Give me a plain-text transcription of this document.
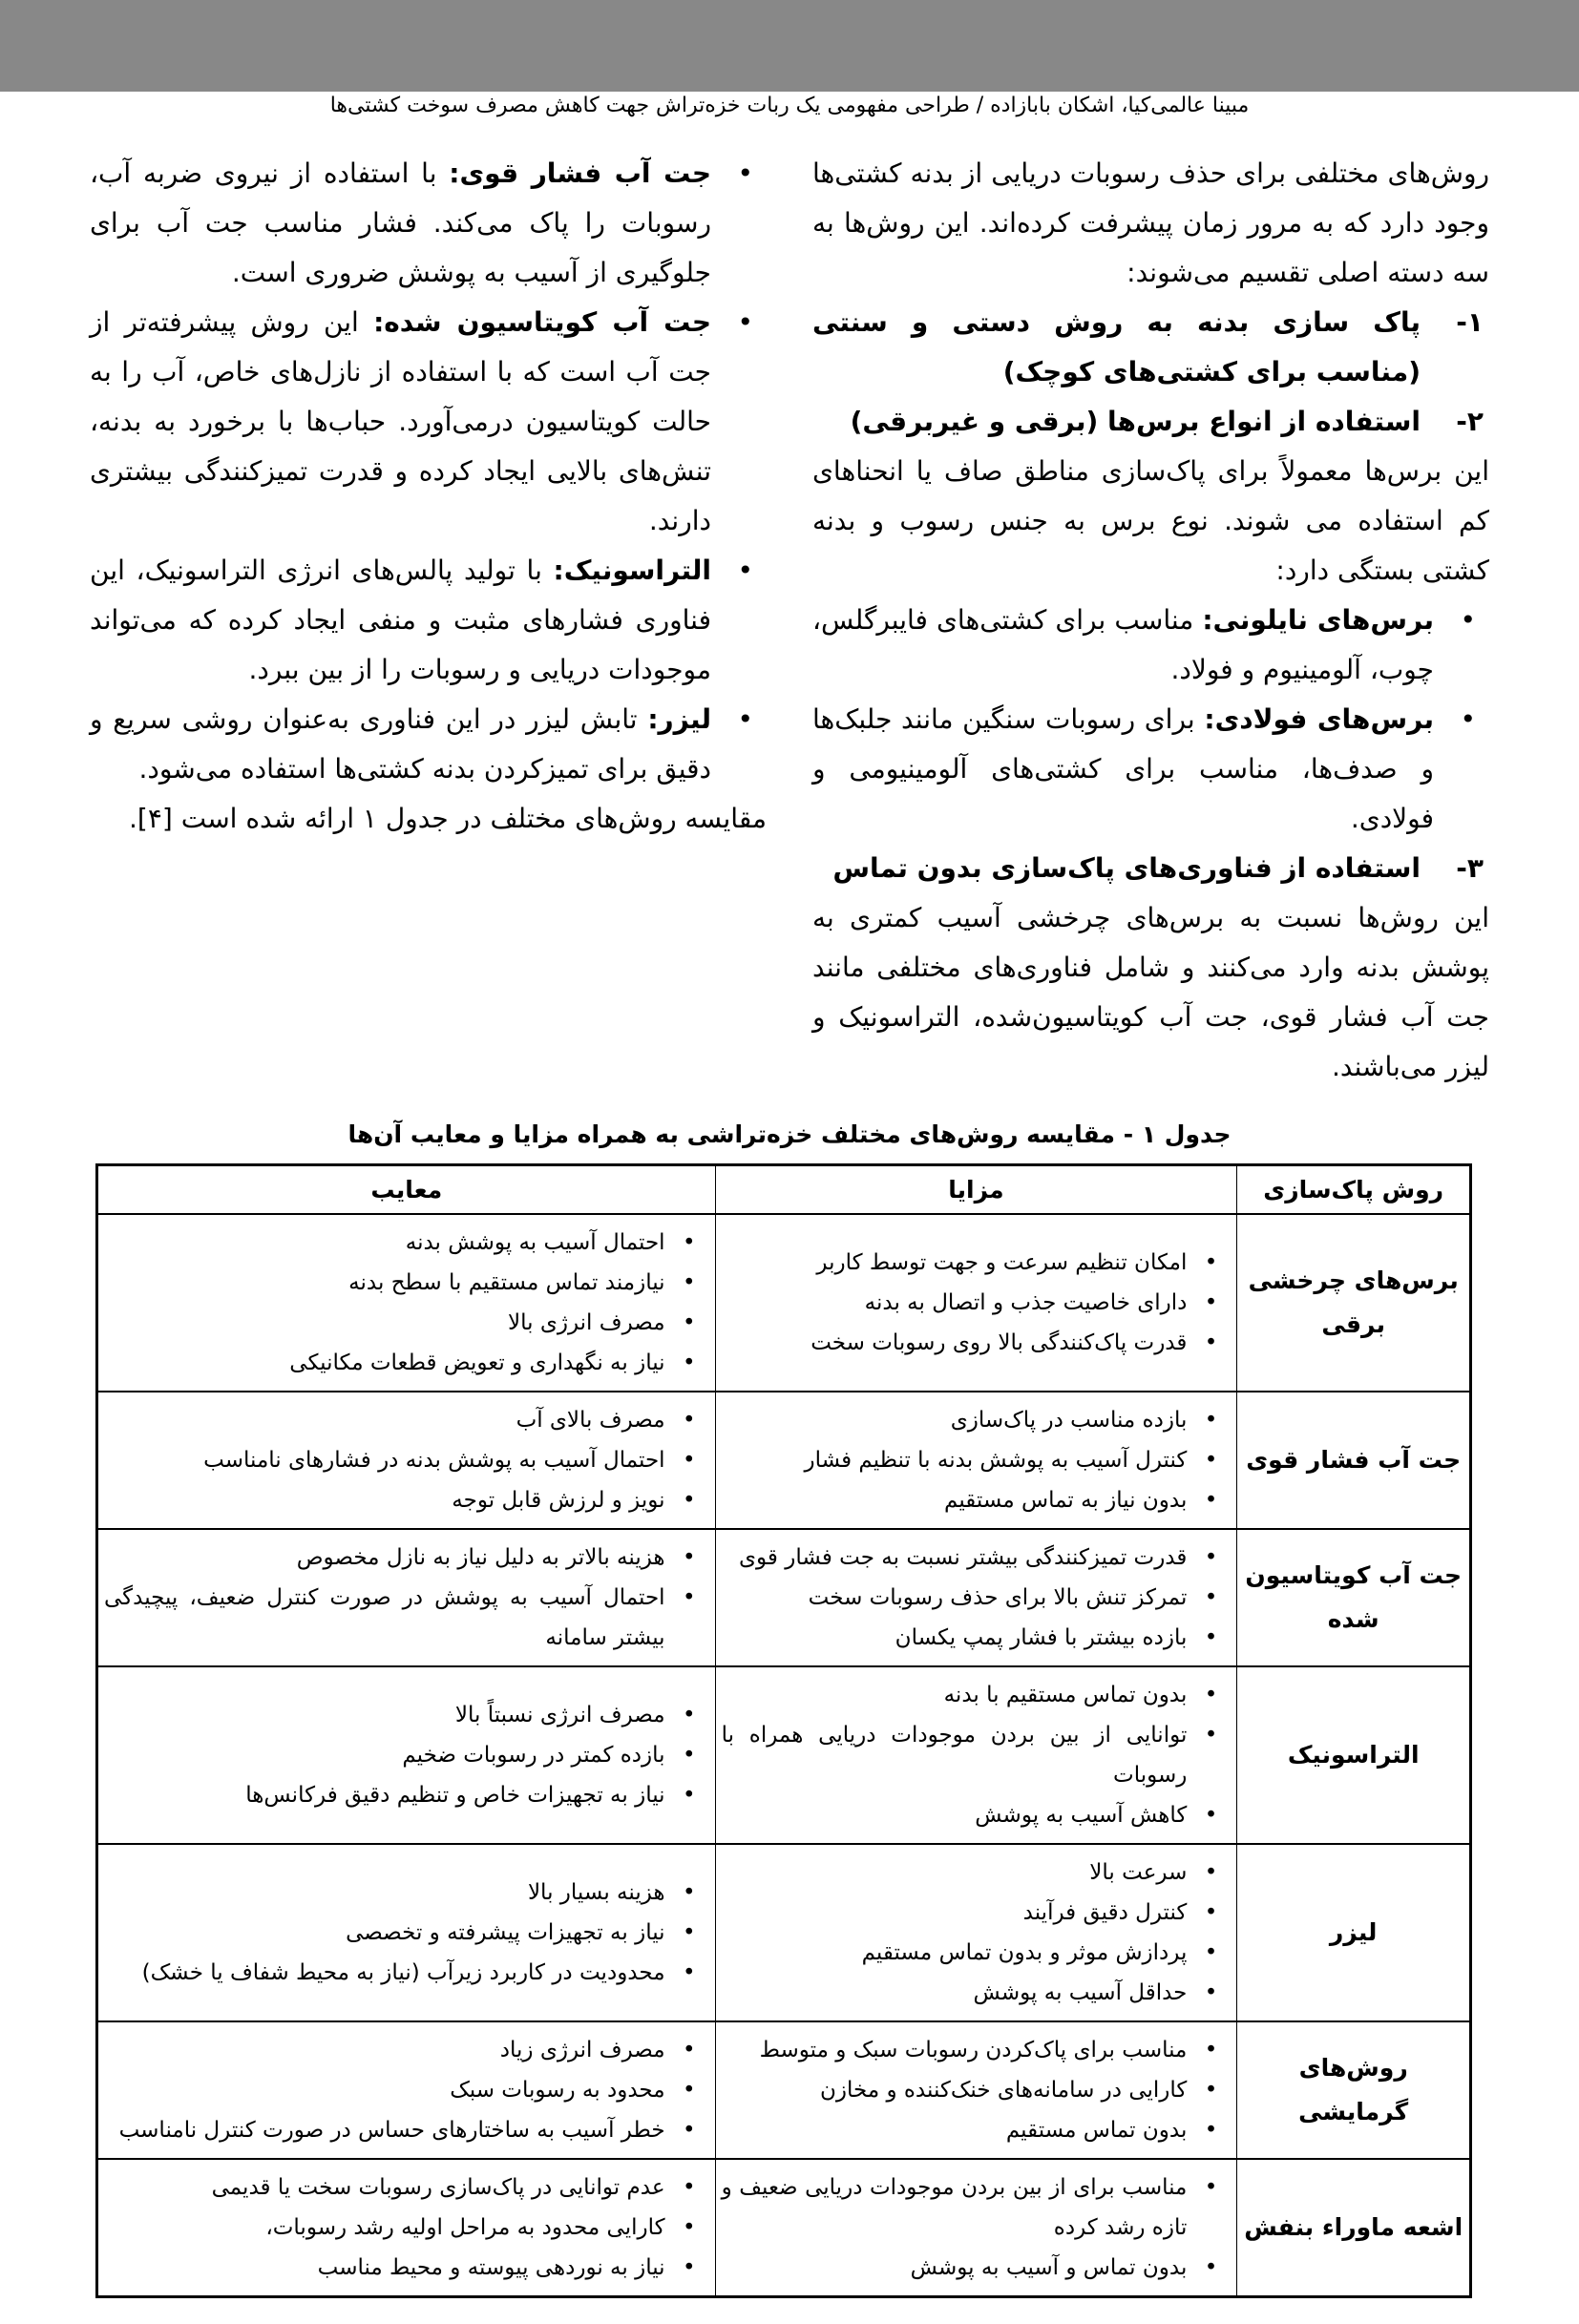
مبینا عالمی‌کیا، اشکان بابازاده / طراحی مفهومی یک ربات خزه‌تراش جهت کاهش مصرف سوخت کشتی‌ها

روش‌های مختلفی برای حذف رسوبات دریایی از بدنه کشتی‌ها وجود دارد که به مرور زمان پیشرفت کرده‌اند. این روش‌ها به سه دسته اصلی تقسیم می‌شوند:

۱-
پاک سازی بدنه به روش دستی و سنتی (مناسب برای کشتی‌های کوچک)
۲-
استفاده از انواع برس‌ها (برقی و غیربرقی)

این برس‌ها معمولاً برای پاک‌سازی مناطق صاف یا انحناهای کم استفاده می شوند. نوع برس به جنس رسوب و بدنه کشتی بستگی دارد:

• برس‌های نایلونی: مناسب برای کشتی‌های فایبرگلس، چوب، آلومینیوم و فولاد.
• برس‌های فولادی: برای رسوبات سنگین مانند جلبک‌ها و صدف‌ها، مناسب برای کشتی‌های آلومینیومی و فولادی.
۳-
استفاده از فناوری‌های پاک‌سازی بدون تماس

این روش‌ها نسبت به برس‌های چرخشی آسیب کمتری به پوشش بدنه وارد می‌کنند و شامل فناوری‌های مختلفی مانند جت آب فشار قوی، جت آب کویتاسیون‌شده، التراسونیک و لیزر می‌باشند.

• جت آب فشار قوی: با استفاده از نیروی ضربه آب، رسوبات را پاک می‌کند. فشار مناسب جت آب برای جلوگیری از آسیب به پوشش ضروری است.
• جت آب کویتاسیون شده: این روش پیشرفته‌تر از جت آب است که با استفاده از نازل‌های خاص، آب را به حالت کویتاسیون درمی‌آورد. حباب‌ها با برخورد به بدنه، تنش‌های بالایی ایجاد کرده و قدرت تمیزکنندگی بیشتری دارند.
• التراسونیک: با تولید پالس‌های انرژی التراسونیک، این فناوری فشارهای مثبت و منفی ایجاد کرده که می‌تواند موجودات دریایی و رسوبات را از بین ببرد.
• لیزر: تابش لیزر در این فناوری به‌عنوان روشی سریع و دقیق برای تمیزکردن بدنه کشتی‌ها استفاده می‌شود.

مقایسه روش‌های مختلف در جدول ۱ ارائه شده است [۴].

جدول ۱ - مقایسه روش‌های مختلف خزه‌تراشی به همراه مزایا و معایب آن‌ها
روش پاک‌سازی	مزایا	معایب
برس‌های چرخشی برقی	
• امکان تنظیم سرعت و جهت توسط کاربر
• دارای خاصیت جذب و اتصال به بدنه
• قدرت پاک‌کنندگی بالا روی رسوبات سخت

• احتمال آسیب به پوشش بدنه
• نیازمند تماس مستقیم با سطح بدنه
• مصرف انرژی بالا
• نیاز به نگهداری و تعویض قطعات مکانیکی

جت آب فشار قوی	
• بازده مناسب در پاک‌سازی
• کنترل آسیب به پوشش بدنه با تنظیم فشار
• بدون نیاز به تماس مستقیم

• مصرف بالای آب
• احتمال آسیب به پوشش بدنه در فشارهای نامناسب
• نویز و لرزش قابل توجه

جت آب کویتاسیون شده	
• قدرت تمیزکنندگی بیشتر نسبت به جت فشار قوی
• تمرکز تنش بالا برای حذف رسوبات سخت
• بازده بیشتر با فشار پمپ یکسان

• هزینه بالاتر به دلیل نیاز به نازل مخصوص
• احتمال آسیب به پوشش در صورت کنترل ضعیف، پیچیدگی بیشتر سامانه

التراسونیک	
• بدون تماس مستقیم با بدنه
• توانایی از بین بردن موجودات دریایی همراه با رسوبات
• کاهش آسیب به پوشش

• مصرف انرژی نسبتاً بالا
• بازده کمتر در رسوبات ضخیم
• نیاز به تجهیزات خاص و تنظیم دقیق فرکانس‌ها

لیزر	
• سرعت بالا
• کنترل دقیق فرآیند
• پردازش موثر و بدون تماس مستقیم
• حداقل آسیب به پوشش

• هزینه بسیار بالا
• نیاز به تجهیزات پیشرفته و تخصصی
• محدودیت در کاربرد زیرآب (نیاز به محیط شفاف یا خشک)

روش‌های گرمایشی	
• مناسب برای پاک‌کردن رسوبات سبک و متوسط
• کارایی در سامانه‌های خنک‌کننده و مخازن
• بدون تماس مستقیم

• مصرف انرژی زیاد
• محدود به رسوبات سبک
• خطر آسیب به ساختارهای حساس در صورت کنترل نامناسب

اشعه ماوراء بنفش	
• مناسب برای از بین بردن موجودات دریایی ضعیف و تازه رشد کرده
• بدون تماس و آسیب به پوشش

• عدم توانایی در پاک‌سازی رسوبات سخت یا قدیمی
• کارایی محدود به مراحل اولیه رشد رسوبات،
• نیاز به نوردهی پیوسته و محیط مناسب
